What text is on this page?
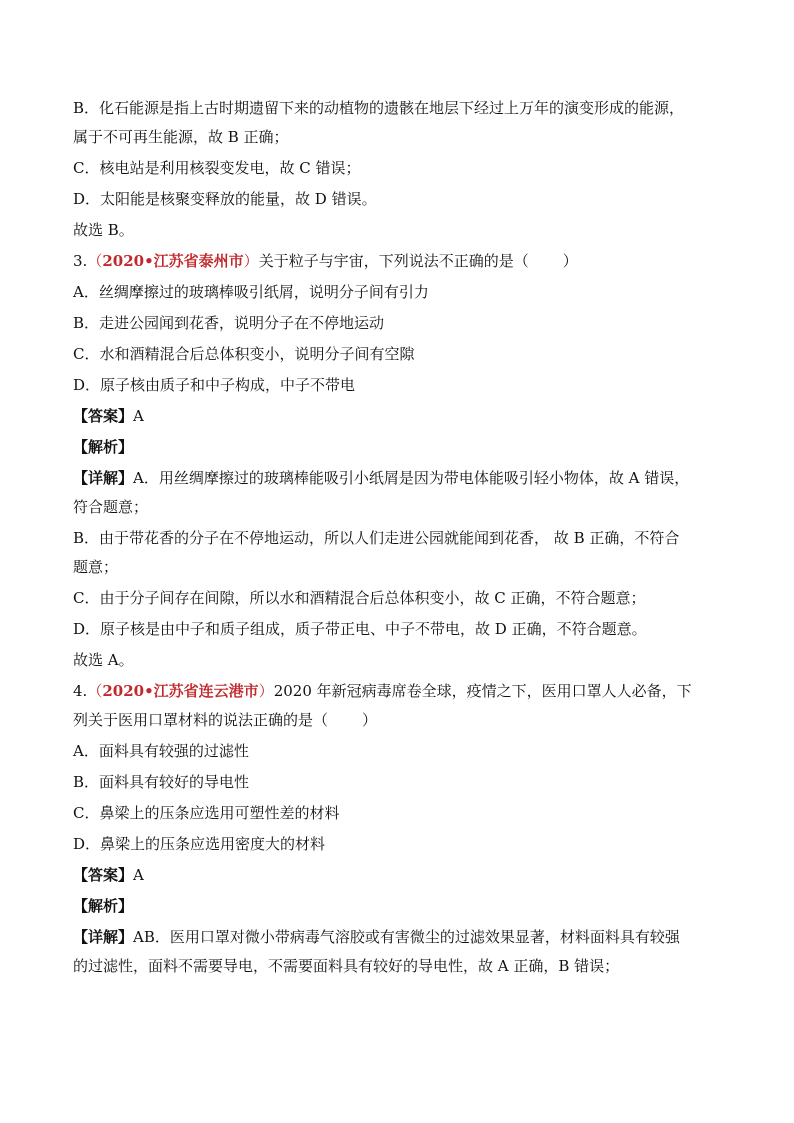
B．化石能源是指上古时期遗留下来的动植物的遗骸在地层下经过上万年的演变形成的能源，
属于不可再生能源，故 B 正确；
C．核电站是利用核裂变发电，故 C 错误；
D．太阳能是核聚变释放的能量，故 D 错误。
故选 B。
3.（2020•江苏省泰州市）关于粒子与宇宙，下列说法不正确的是（ ）
A．丝绸摩擦过的玻璃棒吸引纸屑，说明分子间有引力
B．走进公园闻到花香，说明分子在不停地运动
C．水和酒精混合后总体积变小，说明分子间有空隙
D．原子核由质子和中子构成，中子不带电
【答案】A
【解析】
【详解】A．用丝绸摩擦过的玻璃棒能吸引小纸屑是因为带电体能吸引轻小物体，故 A 错误，
符合题意；
B．由于带花香的分子在不停地运动，所以人们走进公园就能闻到花香， 故 B 正确，不符合
题意；
C．由于分子间存在间隙，所以水和酒精混合后总体积变小，故 C 正确，不符合题意；
D．原子核是由中子和质子组成，质子带正电、中子不带电，故 D 正确，不符合题意。
故选 A。
4.（2020•江苏省连云港市）2020 年新冠病毒席卷全球，疫情之下，医用口罩人人必备，下
列关于医用口罩材料的说法正确的是（ ）
A．面料具有较强的过滤性
B．面料具有较好的导电性
C．鼻梁上的压条应选用可塑性差的材料
D．鼻梁上的压条应选用密度大的材料
【答案】A
【解析】
【详解】AB．医用口罩对微小带病毒气溶胶或有害微尘的过滤效果显著，材料面料具有较强
的过滤性，面料不需要导电，不需要面料具有较好的导电性，故 A 正确，B 错误；
